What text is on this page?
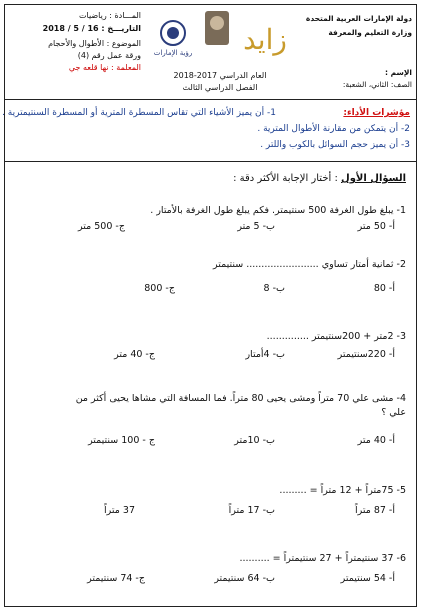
دولة الإمارات العربية المتحدة
وزارة التعليم والمعرفة
الإسم :
الصف: الثاني، الشعبة:
زايد
رؤية الإمارات
العام الدراسي 2017-2018
الفصل الدراسي الثالث
المـــادة : رياضيات
التاريـــخ : 16 / 5 / 2018
الموضوع : الأطوال والأحجام
ورقة عمل رقم (4)
المعلمة : نها قلعه جي
1- أن يميز الأشياء التي تقاس المسطرة المترية أو المسطرة السنتيمترية .	مؤشرات الأداء:
2- أن يتمكن من مقارنة الأطوال المترية .
3- أن يميز حجم السوائل بالكوب واللتر .
السؤال الأول : أختار الإجابة الأكثر دقة :
1- يبلغ طول الغرفة 500 سنتيمتر. فكم يبلغ طول الغرفة بالأمتار .
أ- 50 متر
ب- 5 متر
ج- 500 متر
2- ثمانية أمتار تساوي ........................ سنتيمتر
أ- 80
ب- 8
ج- 800
3- 2متر + 200سنتيمتر ..............
أ- 220سنتيمتر
ب- 4أمتار
ج- 40 متر
4- مشى علي 70 متراً ومشى يحيى 80 متراً. فما المسافة التي مشاها يحيى أكثر من
علي ؟
أ- 40 متر
ب- 10متر
ج - 100 سنتيمتر
5- 75متراً + 12 متراً = .........
أ- 87 متراً
ب- 17 متراً
37 متراً
6- 37 سنتيمتراً + 27 سنتيمتراً = ..........
أ- 54 سنتيمتر
ب- 64 سنتيمتر
ج- 74 سنتيمتر
